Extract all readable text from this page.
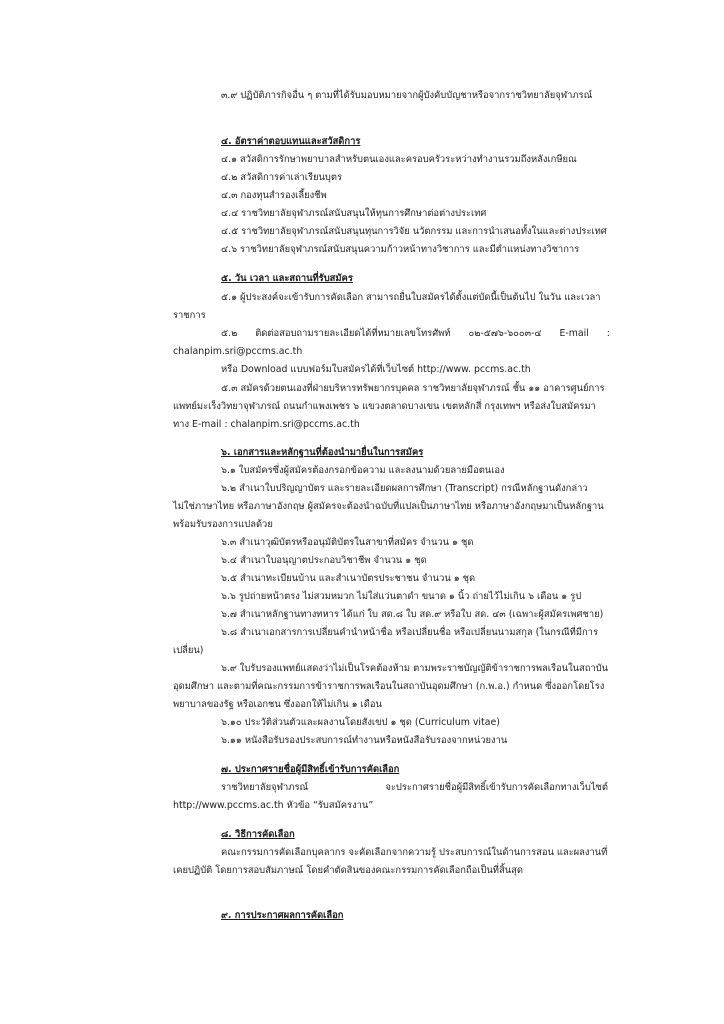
๓.๙ ปฏิบัติภารกิจอื่น ๆ ตามที่ได้รับมอบหมายจากผู้บังคับบัญชาหรือจากราชวิทยาลัยจุฬาภรณ์
๔. อัตราค่าตอบแทนและสวัสดิการ
๔.๑ สวัสดิการรักษาพยาบาลสำหรับตนเองและครอบครัวระหว่างทำงานรวมถึงหลังเกษียณ
๔.๒ สวัสดิการค่าเล่าเรียนบุตร
๔.๓ กองทุนสำรองเลี้ยงชีพ
๔.๔ ราชวิทยาลัยจุฬาภรณ์สนับสนุนให้ทุนการศึกษาต่อต่างประเทศ
๔.๕ ราชวิทยาลัยจุฬาภรณ์สนับสนุนทุนการวิจัย นวัตกรรม และการนำเสนอทั้งในและต่างประเทศ
๔.๖ ราชวิทยาลัยจุฬาภรณ์สนับสนุนความก้าวหน้าทางวิชาการ และมีตำแหน่งทางวิชาการ
๕. วัน เวลา และสถานที่รับสมัคร
๕.๑ ผู้ประสงค์จะเข้ารับการคัดเลือก สามารถยื่นใบสมัครได้ตั้งแต่บัดนี้เป็นต้นไป ในวัน และเวลา
ราชการ
๕.๒ ติดต่อสอบถามรายละเอียดได้ที่หมายเลขโทรศัพท์ ๐๒-๕๗๖-๖๐๐๓-๔ E-mail :
chalanpim.sri@pccms.ac.th
หรือ Download แบบฟอร์มใบสมัครได้ที่เว็บไซต์ http://www. pccms.ac.th
๕.๓ สมัครด้วยตนเองที่ฝ่ายบริหารทรัพยากรบุคคล ราชวิทยาลัยจุฬาภรณ์ ชั้น ๑๑ อาคารศูนย์การ
แพทย์มะเร็งวิทยาจุฬาภรณ์ ถนนกำแพงเพชร ๖ แขวงตลาดบางเขน เขตหลักสี่ กรุงเทพฯ หรือส่งใบสมัครมา
ทาง E-mail : chalanpim.sri@pccms.ac.th
๖. เอกสารและหลักฐานที่ต้องนำมายื่นในการสมัคร
๖.๑ ใบสมัครซึ่งผู้สมัครต้องกรอกข้อความ และลงนามด้วยลายมือตนเอง
๖.๒ สำเนาใบปริญญาบัตร และรายละเอียดผลการศึกษา (Transcript) กรณีหลักฐานดังกล่าว
ไม่ใช่ภาษาไทย หรือภาษาอังกฤษ ผู้สมัครจะต้องนำฉบับที่แปลเป็นภาษาไทย หรือภาษาอังกฤษมาเป็นหลักฐาน
พร้อมรับรองการแปลด้วย
๖.๓ สำเนาวุฒิบัตรหรืออนุมัติบัตรในสาขาที่สมัคร จำนวน ๑ ชุด
๖.๔ สำเนาใบอนุญาตประกอบวิชาชีพ จำนวน ๑ ชุด
๖.๕ สำเนาทะเบียนบ้าน และสำเนาบัตรประชาชน จำนวน ๑ ชุด
๖.๖ รูปถ่ายหน้าตรง ไม่สวมหมวก ไม่ใส่แว่นตาดำ ขนาด ๑ นิ้ว ถ่ายไว้ไม่เกิน ๖ เดือน ๑ รูป
๖.๗ สำเนาหลักฐานทางทหาร ได้แก่ ใบ สด.๘ ใบ สด.๙ หรือใบ สด. ๔๓ (เฉพาะผู้สมัครเพศชาย)
๖.๘ สำเนาเอกสารการเปลี่ยนคำนำหน้าชื่อ หรือเปลี่ยนชื่อ หรือเปลี่ยนนามสกุล (ในกรณีที่มีการ
เปลี่ยน)
๖.๙ ใบรับรองแพทย์แสดงว่าไม่เป็นโรคต้องห้าม ตามพระราชบัญญัติข้าราชการพลเรือนในสถาบัน
อุดมศึกษา และตามที่คณะกรรมการข้าราชการพลเรือนในสถาบันอุดมศึกษา (ก.พ.อ.) กำหนด ซึ่งออกโดยโรง
พยาบาลของรัฐ หรือเอกชน ซึ่งออกให้ไม่เกิน ๑ เดือน
๖.๑๐ ประวัติส่วนตัวและผลงานโดยสังเขป ๑ ชุด (Curriculum vitae)
๖.๑๑ หนังสือรับรองประสบการณ์ทำงานหรือหนังสือรับรองจากหน่วยงาน
๗. ประกาศรายชื่อผู้มีสิทธิ์เข้ารับการคัดเลือก
ราชวิทยาลัยจุฬาภรณ์	จะประกาศรายชื่อผู้มีสิทธิ์เข้ารับการคัดเลือกทางเว็บไซต์
http://www.pccms.ac.th หัวข้อ “รับสมัครงาน”
๘. วิธีการคัดเลือก
คณะกรรมการคัดเลือกบุคลากร จะคัดเลือกจากความรู้ ประสบการณ์ในด้านการสอน และผลงานที่
เคยปฏิบัติ โดยการสอบสัมภาษณ์ โดยคำตัดสินของคณะกรรมการคัดเลือกถือเป็นที่สิ้นสุด
๙. การประกาศผลการคัดเลือก
